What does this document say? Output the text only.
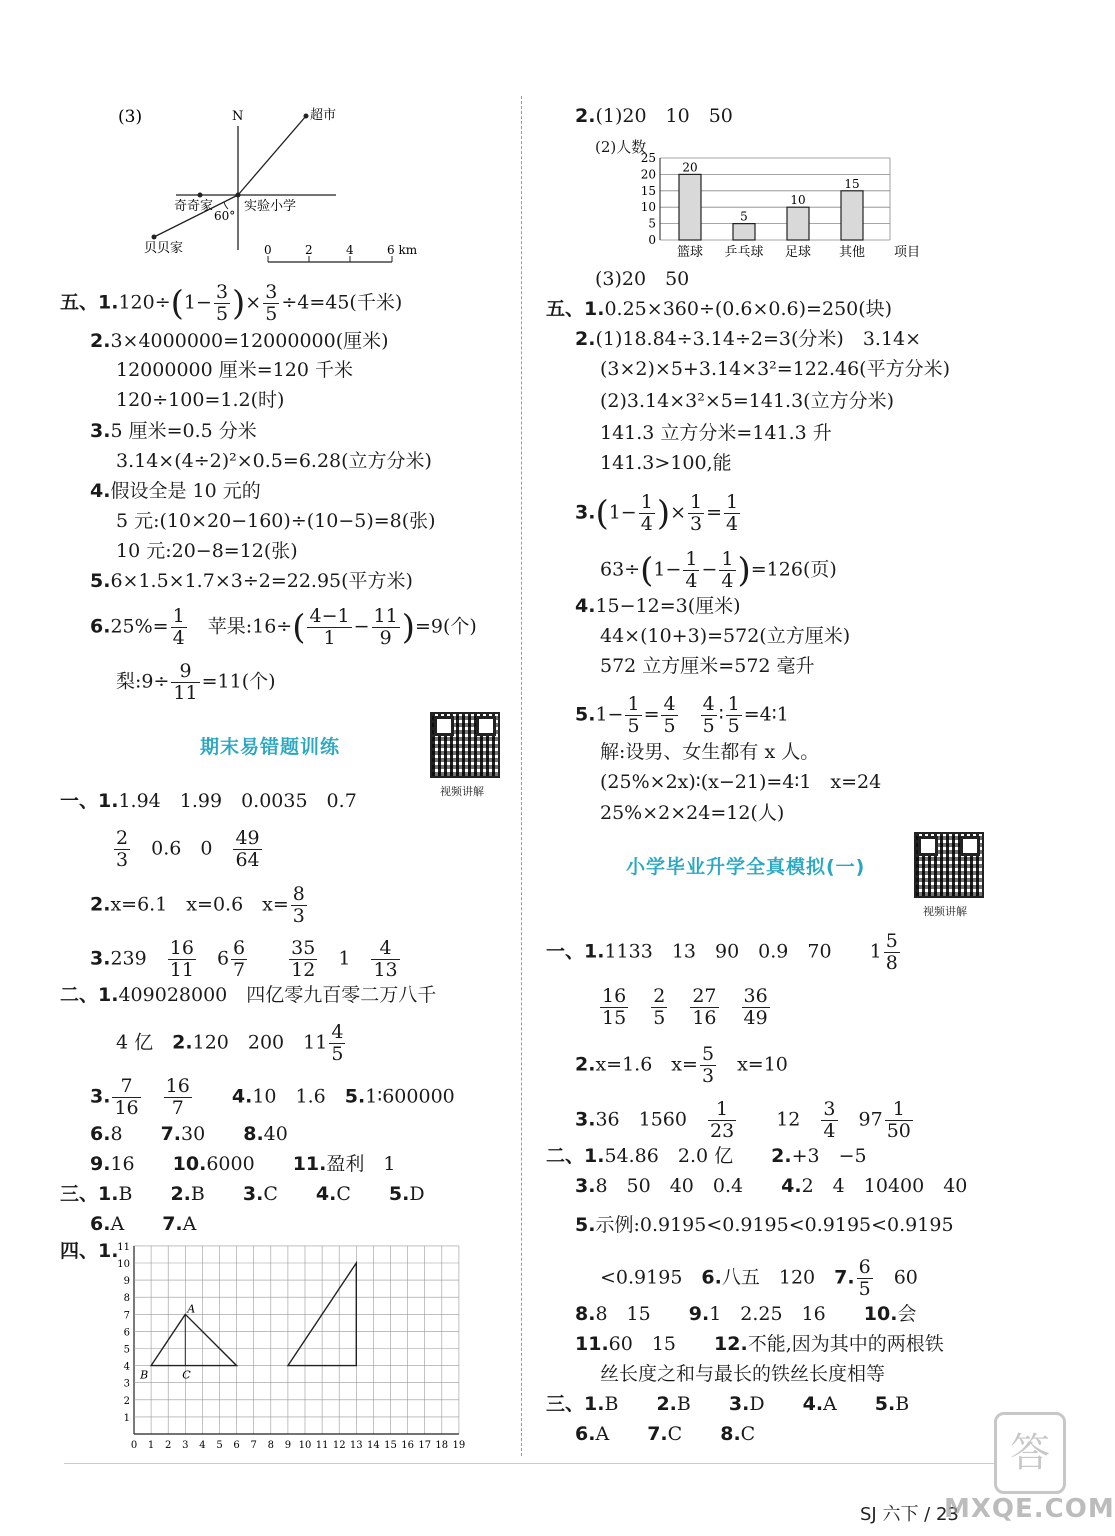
(3)	N	超市
贝贝家
奇奇家 实验小学
60°
0	2	4	6 km
五、$1.120\div(1- \frac{3}{5}$ )× $\frac{3}{5} \div 4=45$(千米)
2.3×4000000=12000000(厘米)
12000000 厘米=120 千米
120÷100=1.2(时)
3.5 厘米=0.5 分米
3.14×(4÷2)²×0.5=6.28(立方分米)
4.假设全是 10 元的
5 元:(10×20−160)÷(10−5)=8(张)
10 元:20−8=12(张)
5.6×1.5×1.7×3÷2=22.95(平方米)
$6.25\%= \frac{1}{4}$
　 苹果:16÷( $\frac{4-1}{1} - \frac{11}{9} )=9$(个)
梨:9÷ $\frac{9}{11} =11$(个)
期末易错题训练
视频讲解
一、1.1.94　1.99　0.0035　0.7
$\frac{2}{3}$
　 0.6　0　 $\frac{49}{64}$
2.x=6.1　x=0.6　$x= \frac{8}{3}$
3.239　 $\frac{16}{11}$
　 $6 \frac{6}{7}$
　　 $\frac{35}{12}$
　 1　 $\frac{4}{13}$
二、1.409028000　四亿零九百零二万八千
4 亿　 2.120　200　$11 \frac{4}{5}$
3. $\frac{7}{16}$
　 $\frac{16}{7}$
　　 4.10　1.6　 5.1∶600000
6.8　　 7.30　　 8.40
9.16　　 10.6000　　 11.盈利　1
三、1.B　　 2.B　　 3.C　　 4.C　　 5.D
6.A　　 7.A
四、1.
0 1 2 3 4 5 6 7 8 9 10 11 12 13 14 15 16 17 18 19
1
2
3
4
5
6
7
8
9
10
11
A
B	C
2.(1)20　10　50
(2)人数
0
5
10
15
20
25
20
篮球
5
乒乓球
10
足球
15
其他 项目
(3)20　50
五、1.0.25×360÷(0.6×0.6)=250(块)
2.(1)18.84÷3.14÷2=3(分米)　3.14×
(3×2)×5+3.14×3²=122.46(平方分米)
(2)3.14×3²×5=141.3(立方分米)
141.3 立方分米=141.3 升
141.3>100,能
$3.(1- \frac{1}{4}$ )× $\frac{1}{3} = \frac{1}{4}$
$63\div(1- \frac{1}{4} - \frac{1}{4} )=126$(页)
4.15−12=3(厘米)
44×(10+3)=572(立方厘米)
572 立方厘米=572 毫升
$5.1- \frac{1}{5} = \frac{4}{5}$
　 $\frac{4}{5}$ ∶ $\frac{1}{5}$ =4∶1
解:设男、女生都有 x 人。
(25%×2x)∶(x−21)=4∶1　x=24
25%×2×24=12(人)
小学毕业升学全真模拟(一)
视频讲解
一、1.1133　13　90　0.9　70　　 $1 \frac{5}{8}$
$\frac{16}{15}$
　 $\frac{2}{5}$
　 $\frac{27}{16}$
　 $\frac{36}{49}$
2.x=1.6　$x= \frac{5}{3}$
　 x=10
3.36　1560　 $\frac{1}{23}$
　　 12　 $\frac{3}{4}$
　 $97 \frac{1}{50}$
二、1.54.86　2.0 亿　　 2.+3　−5
3.8　50　40　0.4　　 4.2　4　10400　40
5.示例:0.9195<0.9195<0.9195<0.9195
<0.9195　 6.八五　120　 7. $\frac{6}{5}$
　 60
8.8　15　　 9.1　2.25　16　　 10.会
11.60　15　　 12.不能,因为其中的两根铁
丝长度之和与最长的铁丝长度相等
三、1.B　　 2.B　　 3.D　　 4.A　　 5.B
6.A　　 7.C　　 8.C
SJ 六下 / 23
答
MXQE.COM
